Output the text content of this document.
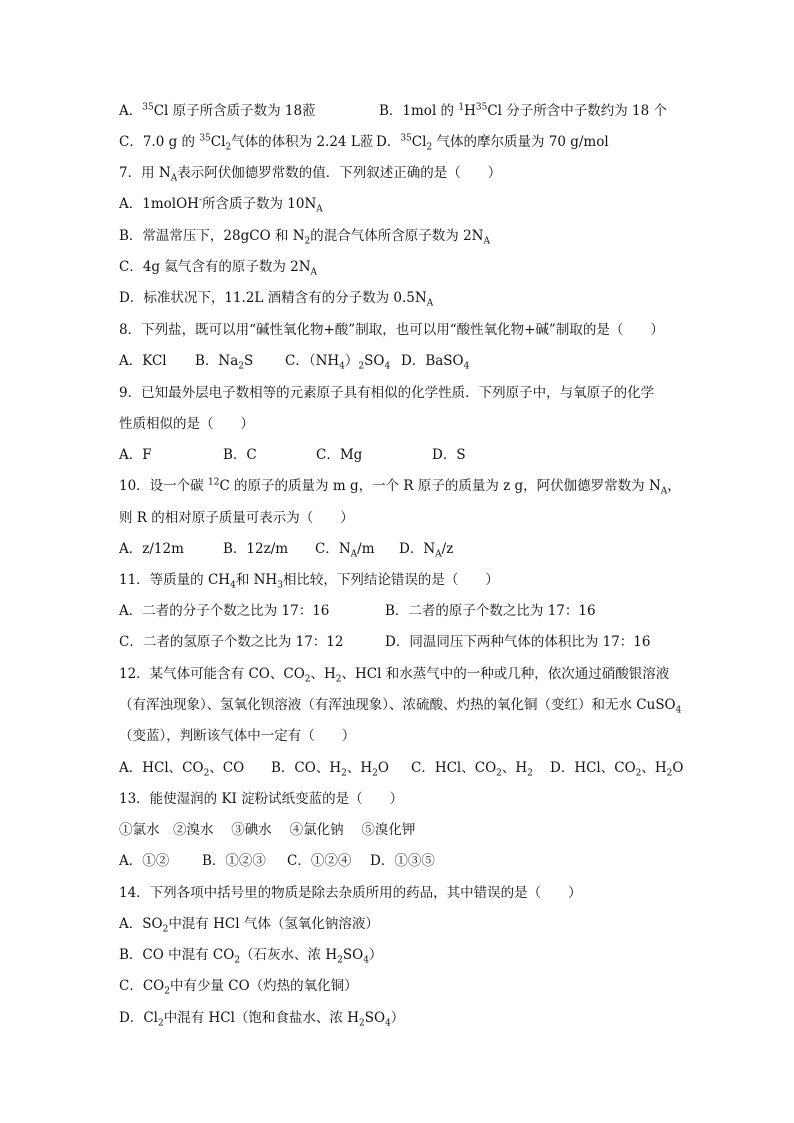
A．$^{35}$Cl 原子所含质子数为 18蒞	B．1mol 的 $^1H^{35}Cl$ 分子所含中子数约为 18 个
C．7.0 g 的 $^{35}Cl_2$气体的体积为 2.24 L蒞 D．$^{35}Cl_2$ 气体的摩尔质量为 70 g/mol
7．用 $N_A$表示阿伏伽德罗常数的值．下列叙述正确的是（　　）
A．1molOH-所含质子数为 $10N_A$
B．常温常压下，28gCO 和 $N_2$的混合气体所含原子数为 $2N_A$
C．4g 氦气含有的原子数为 $2N_A$
D．标准状况下，11.2L 酒精含有的分子数为 $0.5N_A$
8．下列盐，既可以用“碱性氧化物+酸”制取，也可以用“酸性氧化物+碱”制取的是（　　）
A．KCl B．$Na_2S$ C．$(NH_4)_2SO_4$ D．BaSO$_4$
9．已知最外层电子数相等的元素原子具有相似的化学性质．下列原子中，与氧原子的化学
性质相似的是（　　）
A．F	B．C	C．Mg	D．S
10．设一个碳 $^{12}$C 的原子的质量为 m g，一个 R 原子的质量为 z g，阿伏伽德罗常数为 $N_A$，
则 R 的相对原子质量可表示为（　　）
A．z/12m	B．12z/m C．$N_A/m$ D．$N_A/z$
11．等质量的 $CH_4$和 $NH_3$相比较，下列结论错误的是（　　）
A．二者的分子个数之比为 17：16	B．二者的原子个数之比为 17：16
C．二者的氢原子个数之比为 17：12	D．同温同压下两种气体的体积比为 17：16
12．某气体可能含有 CO、$CO_2$、$H_2$、HCl 和水蒸气中的一种或几种，依次通过硝酸银溶液
（有浑浊现象）、氢氧化钡溶液（有浑浊现象）、浓硫酸、灼热的氧化铜（变红）和无水 CuSO$_4$
（变蓝），判断该气体中一定有（　　）
A．HCl、$CO_2$、CO B．CO、$H_2$、$H_2O$ C．HCl、$CO_2$、$H_2$ D．HCl、$CO_2$、$H_2O$
13．能使湿润的 KI 淀粉试纸变蓝的是（　　）
①氯水　②溴水　 ③碘水　 ④氯化钠　 ⑤溴化钾
A．①② B．①②③ C．①②④ D．①③⑤
14．下列各项中括号里的物质是除去杂质所用的药品，其中错误的是（　　）
A．$SO_2$中混有 HCl 气体（氢氧化钠溶液）
B．CO 中混有 $CO_2$（石灰水、浓 $H_2SO_4$）
C．$CO_2$中有少量 CO（灼热的氧化铜）
D．$Cl_2$中混有 HCl（饱和食盐水、浓 $H_2SO_4$）
